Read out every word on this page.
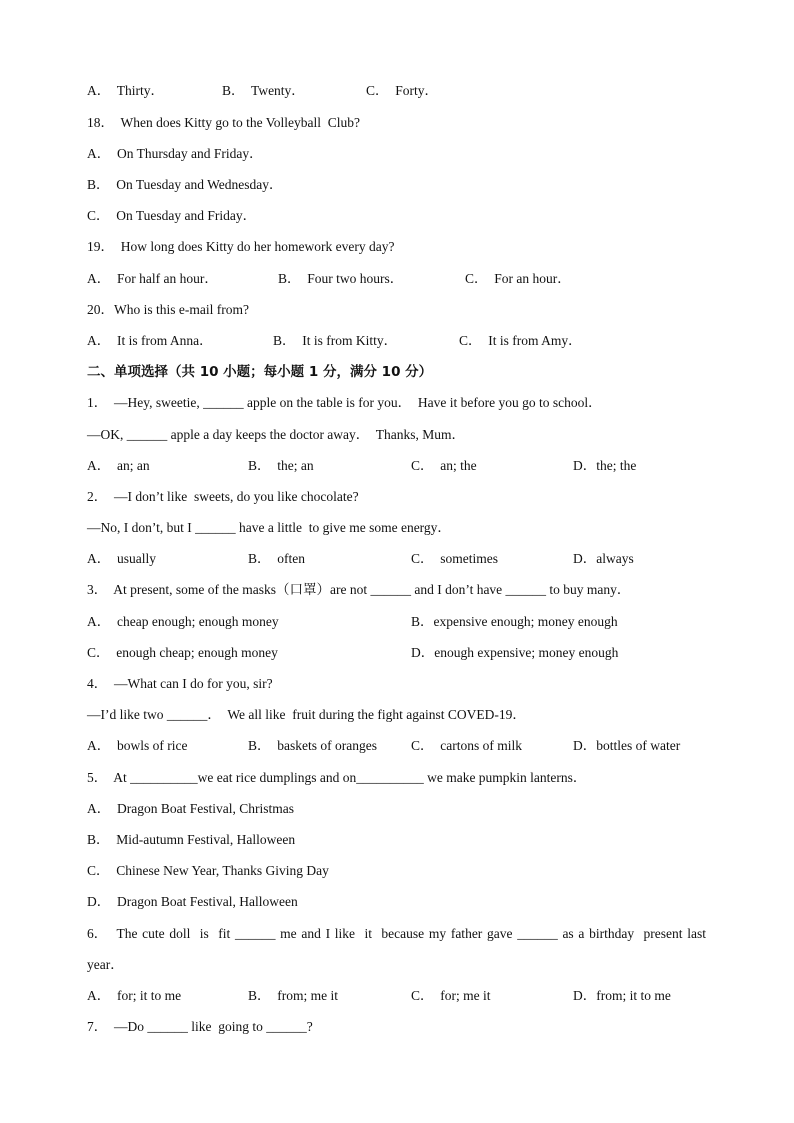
A．  Thirty．	B．  Twenty．	C．  Forty．
18．  When does Kitty go to the Volleyball  Club?
A．  On Thursday and Friday．
B．  On Tuesday and Wednesday．
C．  On Tuesday and Friday．
19．  How long does Kitty do her homework every day?
A．  For half an hour．	B．  Four two hours．	C．  For an hour．
20．Who is this e-mail from?
A．  It is from Anna．	B．  It is from Kitty．	C．  It is from Amy．
二、单项选择（共 10 小题；每小题 1 分，满分 10 分）
1．  —Hey, sweetie, ______ apple on the table is for you．  Have it before you go to school．
—OK, ______ apple a day keeps the doctor away．  Thanks, Mum．
A．  an; an	B．  the; an	C．  an; the	D．the; the
2．  —I don’t like  sweets, do you like chocolate?
—No, I don’t, but I ______ have a little  to give me some energy．
A．  usually	B．  often	C．  sometimes	D．always
3．  At present, some of the masks（口罩）are not ______ and I don’t have ______ to buy many．
A．  cheap enough; enough money	B．expensive enough; money enough
C．  enough cheap; enough money	D．enough expensive; money enough
4．  —What can I do for you, sir?
—I’d like two ______．  We all like  fruit during the fight against COVED-19．
A．  bowls of rice	B．  baskets of oranges	C．  cartons of milk	D．bottles of water
5．  At __________we eat rice dumplings and on__________ we make pumpkin lanterns．
A．  Dragon Boat Festival, Christmas
B．  Mid-autumn Festival, Halloween
C．  Chinese New Year, Thanks Giving Day
D．  Dragon Boat Festival, Halloween
6．  The cute doll  is  fit ______ me and I like  it  because my father gave ______ as a birthday  present last
year．
A．  for; it to me	B．  from; me it	C．  for; me it	D．from; it to me
7．  —Do ______ like  going to ______?
